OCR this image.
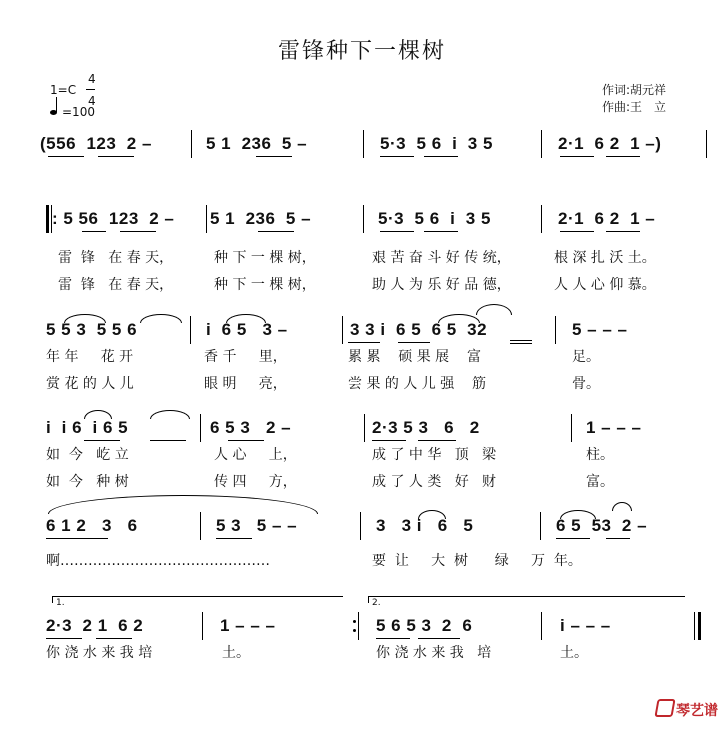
雷锋种下一棵树
1=C
4
4
=100
作词:胡元祥
作曲:王　立
(556  123  2 –	5 1  236  5 –	5·3  5 6  i  3 5	2·1  6 2  1 –)
: 5 56  123  2 – 5 1  236  5 –	5·3  5 6  i  3 5	2·1  6 2  1 –
雷  锋   在 春 天，	种 下 一 棵 树，	艰 苦 奋 斗 好 传 统，	根 深 扎 沃 土。
雷  锋   在 春 天，	种 下 一 棵 树，	助 人 为 乐 好 品 德，	人 人 心 仰 慕。
5 5 3  5 5 6	i  6 5   3 –	3 3 i  6 5  6 5  32	5 – – –
年 年     花 开	香 千     里，	累 累    硕 果 展    富	足。
赏 花 的 人 儿	眼 明     亮，	尝 果 的 人 儿 强    筋	骨。
i  i 6  i 6 5	6 5 3   2 –	2·3 5 3   6   2	1 – – –
如  今   屹 立	人 心     上，	成 了 中 华   顶   梁	柱。
如  今   种 树	传 四     方，	成 了 人 类   好   财	富。
6 1 2   3   6	5 3   5 – –	3   3 i   6   5	6 5  53  2 –
啊………………………………………	要  让     大  树      绿     万  年。
1.	2.
2·3  2 1  6 2	1 – – –	5 6 5 3  2  6	i – – –
你 浇 水 来 我 培	土。	你 浇 水 来 我   培	土。
琴艺谱
